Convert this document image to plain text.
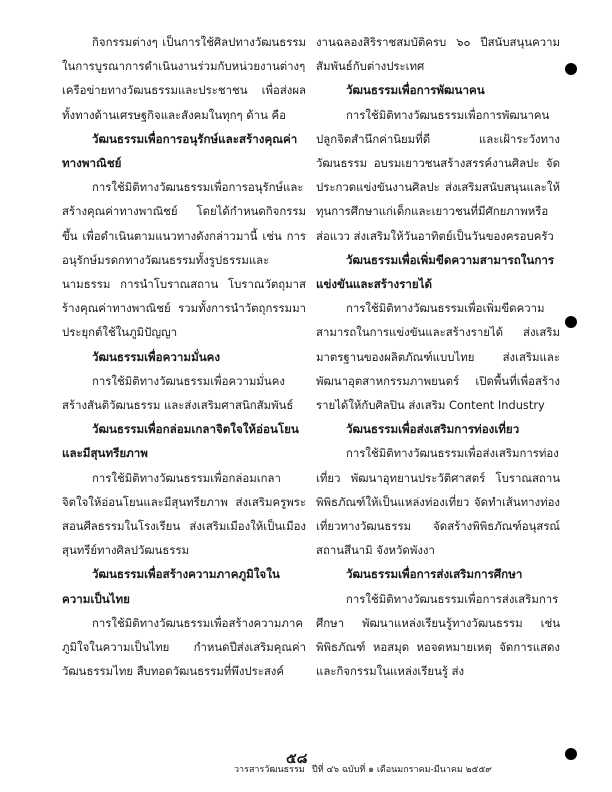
กิจกรรมต่างๆ เป็นการใช้ศิลปทางวัฒนธรรมในการบูรณาการดำเนินงานร่วมกับหน่วยงานต่างๆ เครือข่ายทางวัฒนธรรมและประชาชน เพื่อส่งผลทั้งทางด้านเศรษฐกิจและสังคมในทุกๆ ด้าน คือ

วัฒนธรรมเพื่อการอนุรักษ์และสร้างคุณค่าทางพาณิชย์

การใช้มิติทางวัฒนธรรมเพื่อการอนุรักษ์และสร้างคุณค่าทางพาณิชย์ โดยได้กำหนดกิจกรรมขึ้น เพื่อดำเนินตามแนวทางดังกล่าวมานี้ เช่น การอนุรักษ์มรดกทางวัฒนธรรมทั้งรูปธรรมและนามธรรม การนำโบราณสถาน โบราณวัตถุมาสร้างคุณค่าทางพาณิชย์ รวมทั้งการนำวัตถุกรรมมาประยุกต์ใช้ในภูมิปัญญา

วัฒนธรรมเพื่อความมั่นคง

การใช้มิติทางวัฒนธรรมเพื่อความมั่นคงสร้างสันติวัฒนธรรม และส่งเสริมศาสนิกสัมพันธ์

วัฒนธรรมเพื่อกล่อมเกลาจิตใจให้อ่อนโยนและมีสุนทรียภาพ

การใช้มิติทางวัฒนธรรมเพื่อกล่อมเกลาจิตใจให้อ่อนโยนและมีสุนทรียภาพ ส่งเสริมครูพระ สอนศีลธรรมในโรงเรียน ส่งเสริมเมืองให้เป็นเมืองสุนทรีย์ทางศิลปวัฒนธรรม

วัฒนธรรมเพื่อสร้างความภาคภูมิใจในความเป็นไทย

การใช้มิติทางวัฒนธรรมเพื่อสร้างความภาคภูมิใจในความเป็นไทย กำหนดปีส่งเสริมคุณค่าวัฒนธรรมไทย สืบทอดวัฒนธรรมที่พึงประสงค์

งานฉลองสิริราชสมบัติครบ ๖๐ ปีสนับสนุนความสัมพันธ์กับต่างประเทศ

วัฒนธรรมเพื่อการพัฒนาคน

การใช้มิติทางวัฒนธรรมเพื่อการพัฒนาคน ปลูกจิตสำนึกค่านิยมที่ดี และเฝ้าระวังทางวัฒนธรรม อบรมเยาวชนสร้างสรรค์งานศิลปะ จัดประกวดแข่งขันงานศิลปะ ส่งเสริมสนับสนุนและให้ทุนการศึกษาแก่เด็กและเยาวชนที่มีศักยภาพหรือส่อแวว ส่งเสริมให้วันอาทิตย์เป็นวันของครอบครัว

วัฒนธรรมเพื่อเพิ่มขีดความสามารถในการแข่งขันและสร้างรายได้

การใช้มิติทางวัฒนธรรมเพื่อเพิ่มขีดความสามารถในการแข่งขันและสร้างรายได้ ส่งเสริมมาตรฐานของผลิตภัณฑ์แบบไทย ส่งเสริมและพัฒนาอุตสาหกรรมภาพยนตร์ เปิดพื้นที่เพื่อสร้างรายได้ให้กับศิลปิน ส่งเสริม Content Industry

วัฒนธรรมเพื่อส่งเสริมการท่องเที่ยว

การใช้มิติทางวัฒนธรรมเพื่อส่งเสริมการท่องเที่ยว พัฒนาอุทยานประวัติศาสตร์ โบราณสถาน พิพิธภัณฑ์ให้เป็นแหล่งท่องเที่ยว จัดทำเส้นทางท่องเที่ยวทางวัฒนธรรม จัดสร้างพิพิธภัณฑ์อนุสรณ์สถานสึนามิ จังหวัดพังงา

วัฒนธรรมเพื่อการส่งเสริมการศึกษา

การใช้มิติทางวัฒนธรรมเพื่อการส่งเสริมการศึกษา พัฒนาแหล่งเรียนรู้ทางวัฒนธรรม เช่น พิพิธภัณฑ์ หอสมุด หอจดหมายเหตุ จัดการแสดงและกิจกรรมในแหล่งเรียนรู้ ส่ง

๕๘
วารสารวัฒนธรรม ปีที่ ๔๖ ฉบับที่ ๑ เดือนมกราคม-มีนาคม ๒๕๕๙
